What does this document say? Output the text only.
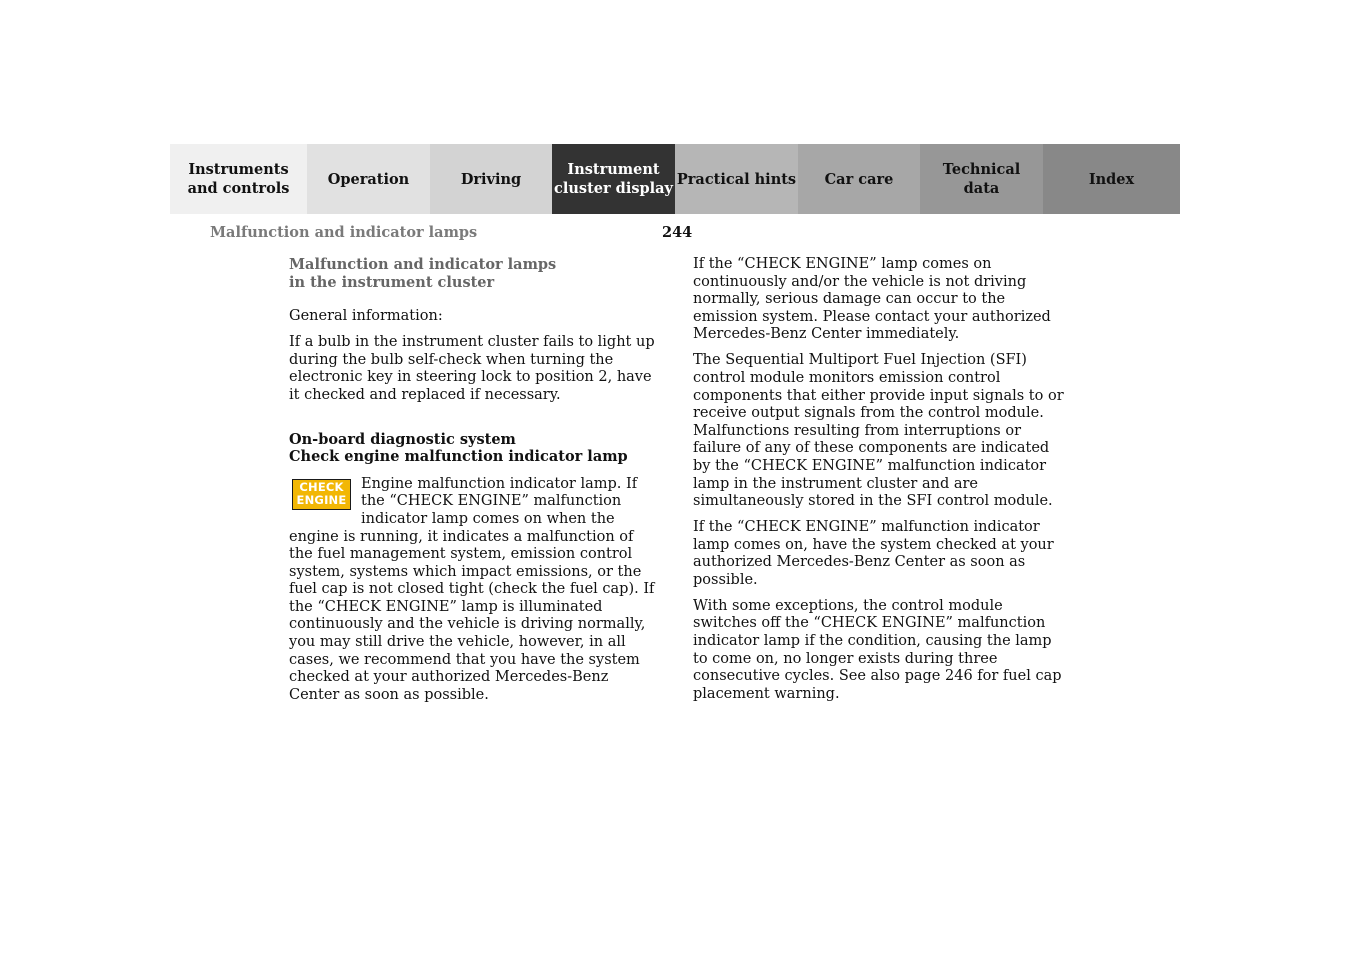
Instruments
and controls
Operation	Driving
Instrument
cluster display
Practical hints Car care
Technical
data
Index
Malfunction and indicator lamps	244

Malfunction and indicator lamps
in the instrument cluster

General information:

If a bulb in the instrument cluster fails to light up during the bulb self-check when turning the electronic key in steering lock to position 2, have it checked and replaced if necessary.

On-board diagnostic system
Check engine malfunction indicator lamp

CHECK
ENGINE

Engine malfunction indicator lamp. If the “CHECK ENGINE” malfunction indicator lamp comes on when the engine is running, it indicates a malfunction of the fuel management system, emission control system, systems which impact emissions, or the fuel cap is not closed tight (check the fuel cap). If the “CHECK ENGINE” lamp is illuminated continuously and the vehicle is driving normally, you may still drive the vehicle, however, in all cases, we recommend that you have the system checked at your authorized Mercedes-Benz Center as soon as possible.

If the “CHECK ENGINE” lamp comes on continuously and/or the vehicle is not driving normally, serious damage can occur to the emission system. Please contact your authorized Mercedes-Benz Center immediately.

The Sequential Multiport Fuel Injection (SFI) control module monitors emission control components that either provide input signals to or receive output signals from the control module. Malfunctions resulting from interruptions or failure of any of these components are indicated by the “CHECK ENGINE” malfunction indicator lamp in the instrument cluster and are simultaneously stored in the SFI control module.

If the “CHECK ENGINE” malfunction indicator lamp comes on, have the system checked at your authorized Mercedes-Benz Center as soon as possible.

With some exceptions, the control module switches off the “CHECK ENGINE” malfunction indicator lamp if the condition, causing the lamp to come on, no longer exists during three consecutive cycles. See also page 246 for fuel cap placement warning.
